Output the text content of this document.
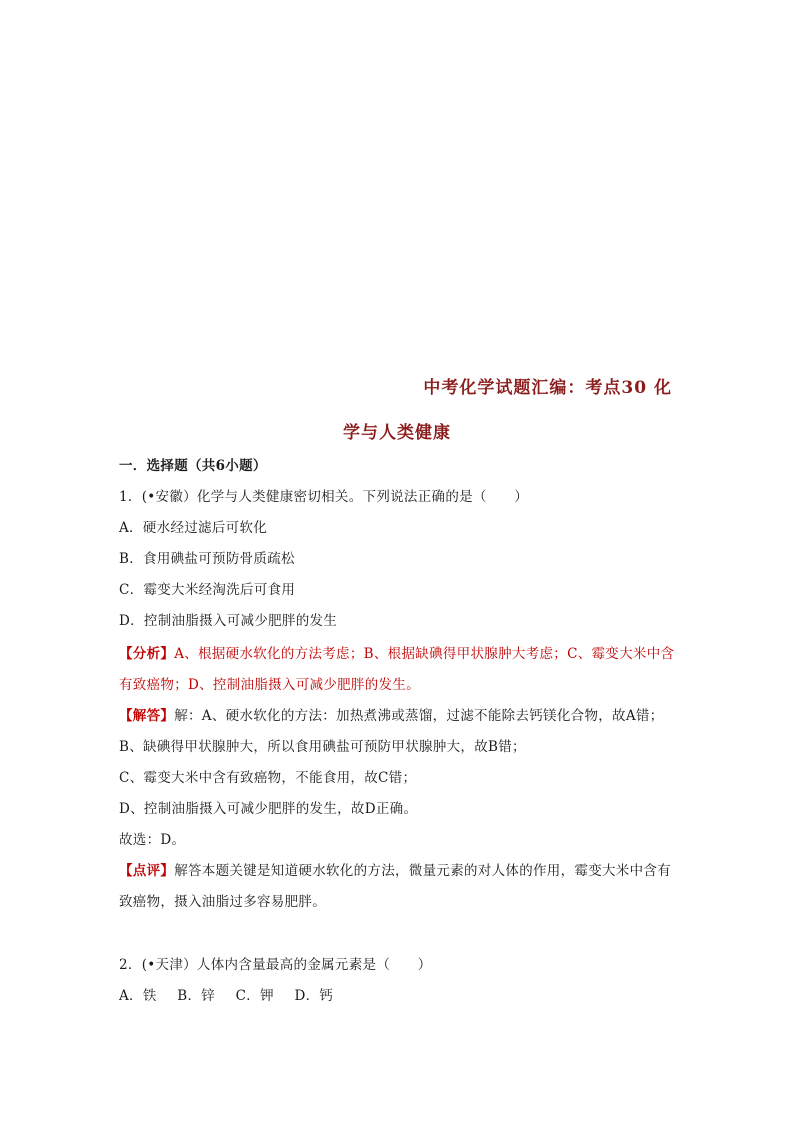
中考化学试题汇编：考点30 化
学与人类健康
一．选择题（共6小题）
1．(•安徽）化学与人类健康密切相关。下列说法正确的是（　　）
A．硬水经过滤后可软化
B．食用碘盐可预防骨质疏松
C．霉变大米经淘洗后可食用
D．控制油脂摄入可减少肥胖的发生
【分析】A、根据硬水软化的方法考虑；B、根据缺碘得甲状腺肿大考虑；C、霉变大米中含
有致癌物；D、控制油脂摄入可减少肥胖的发生。
【解答】解：A、硬水软化的方法：加热煮沸或蒸馏，过滤不能除去钙镁化合物，故A错；
B、缺碘得甲状腺肿大，所以食用碘盐可预防甲状腺肿大，故B错；
C、霉变大米中含有致癌物，不能食用，故C错；
D、控制油脂摄入可减少肥胖的发生，故D正确。
故选：D。
【点评】解答本题关键是知道硬水软化的方法，微量元素的对人体的作用，霉变大米中含有
致癌物，摄入油脂过多容易肥胖。
2．(•天津）人体内含量最高的金属元素是（　　）
A．铁 B．锌 C．钾 D．钙
